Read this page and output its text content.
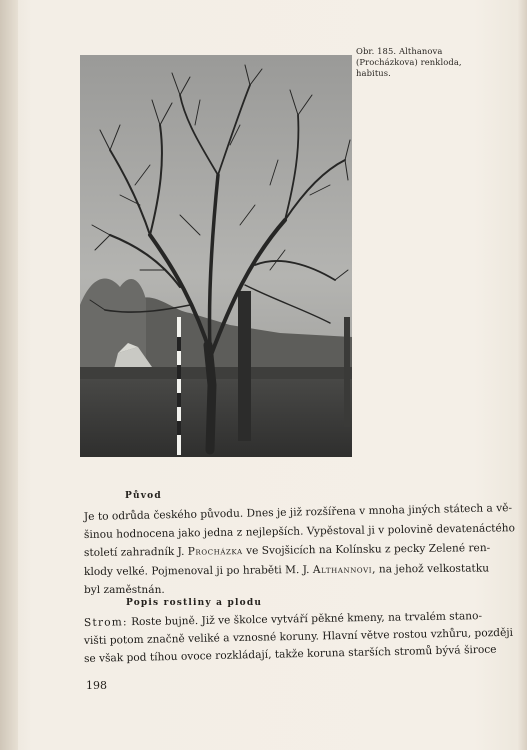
Obr. 185. Althanova (Procházkova) renkloda, habitus.
Původ
Je to odrůda českého původu. Dnes je již rozšířena v mnoha jiných státech a vě-
šinou hodnocena jako jedna z nejlepších. Vypěstoval ji v polovině devatenáctého
století zahradník J. Procházka ve Svojšicích na Kolínsku z pecky Zelené ren-
klody velké. Pojmenoval ji po hraběti M. J. Althannovi, na jehož velkostatku
byl zaměstnán.
Popis rostliny a plodu
Strom: Roste bujně. Již ve školce vytváří pěkné kmeny, na trvalém stano-
višti potom značně veliké a vznosné koruny. Hlavní větve rostou vzhůru, později
se však pod tíhou ovoce rozkládají, takže koruna starších stromů bývá široce
198
